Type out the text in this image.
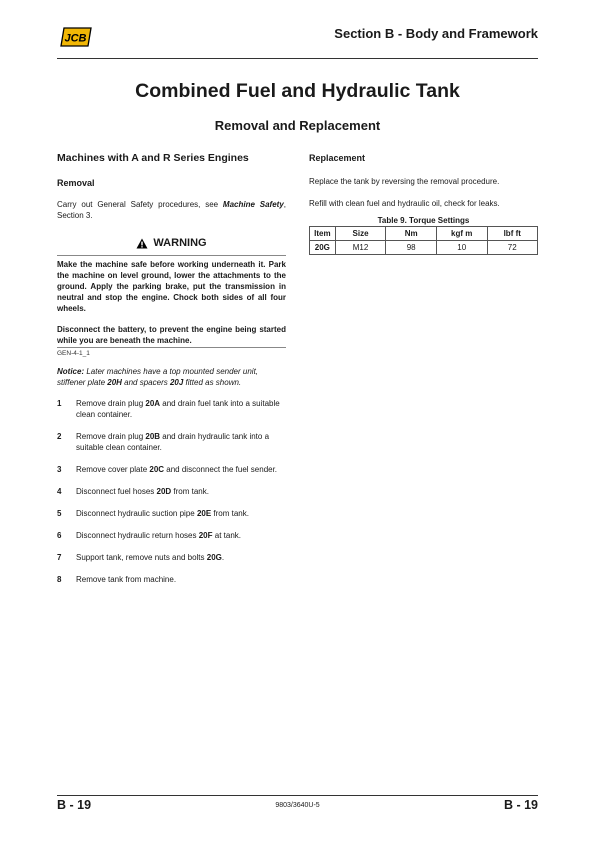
JCB	Section B - Body and Framework
Combined Fuel and Hydraulic Tank
Removal and Replacement

Machines with A and R Series Engines

Removal

Carry out General Safety procedures, see Machine Safety, Section 3.

WARNING

Make the machine safe before working underneath it. Park the machine on level ground, lower the attachments to the ground. Apply the parking brake, put the transmission in neutral and stop the engine. Chock both sides of all four wheels.

Disconnect the battery, to prevent the engine being started while you are beneath the machine.

GEN-4-1_1

Notice: Later machines have a top mounted sender unit, stiffener plate 20H and spacers 20J fitted as shown.

1	Remove drain plug 20A and drain fuel tank into a suitable clean container.
2	Remove drain plug 20B and drain hydraulic tank into a suitable clean container.
3	Remove cover plate 20C and disconnect the fuel sender.
4	Disconnect fuel hoses 20D from tank.
5	Disconnect hydraulic suction pipe 20E from tank.
6	Disconnect hydraulic return hoses 20F at tank.
7	Support tank, remove nuts and bolts 20G.
8	Remove tank from machine.

Replacement

Replace the tank by reversing the removal procedure.

Refill with clean fuel and hydraulic oil, check for leaks.

Table 9. Torque Settings

Item	Size	Nm	kgf m	lbf ft
20G	M12	98	10	72
B - 19	9803/3640U-5	B - 19
